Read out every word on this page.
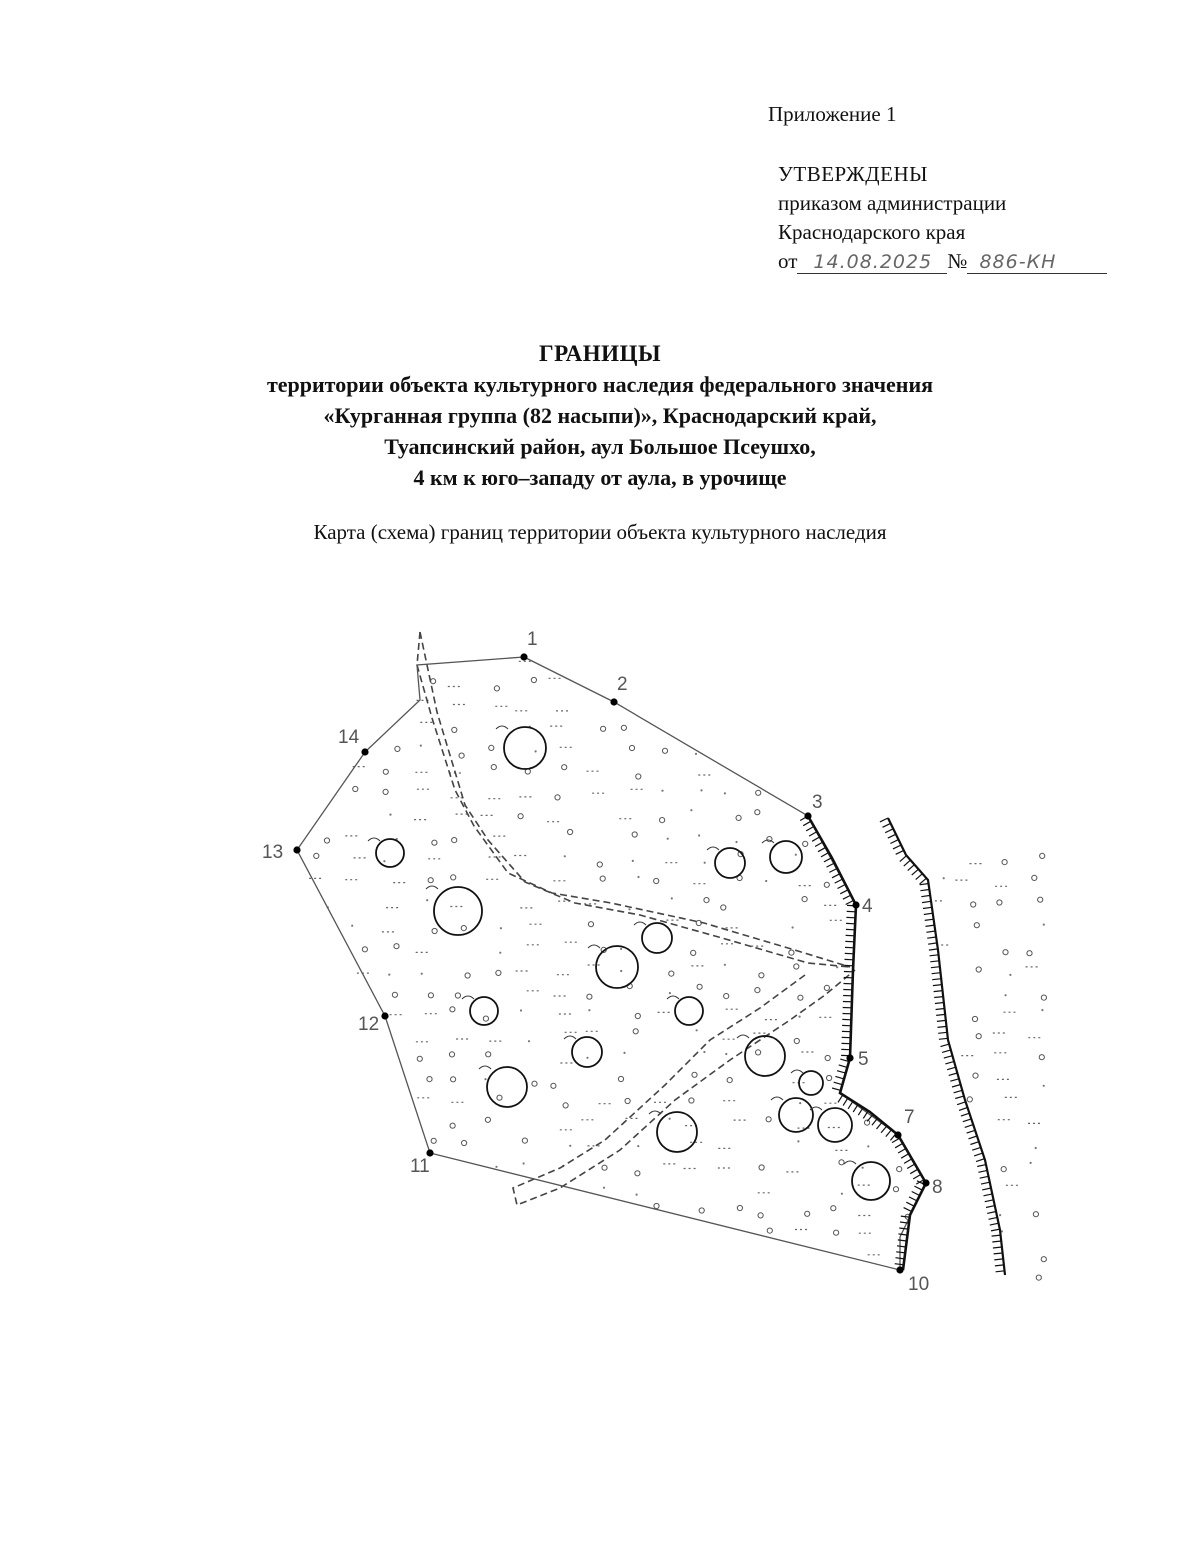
Приложение 1
УТВЕРЖДЕНЫ
приказом администрации
Краснодарского края
от 14.08.2025 № 886-КН
ГРАНИЦЫ
территории объекта культурного наследия федерального значения
«Курганная группа (82 насыпи)», Краснодарский край,
Туапсинский район, аул Большое Псеушхо,
4 км к юго–западу от аула, в урочище
Карта (схема) границ территории объекта культурного наследия
1
2
3
4
5
7
8
10
11
12
13
14
